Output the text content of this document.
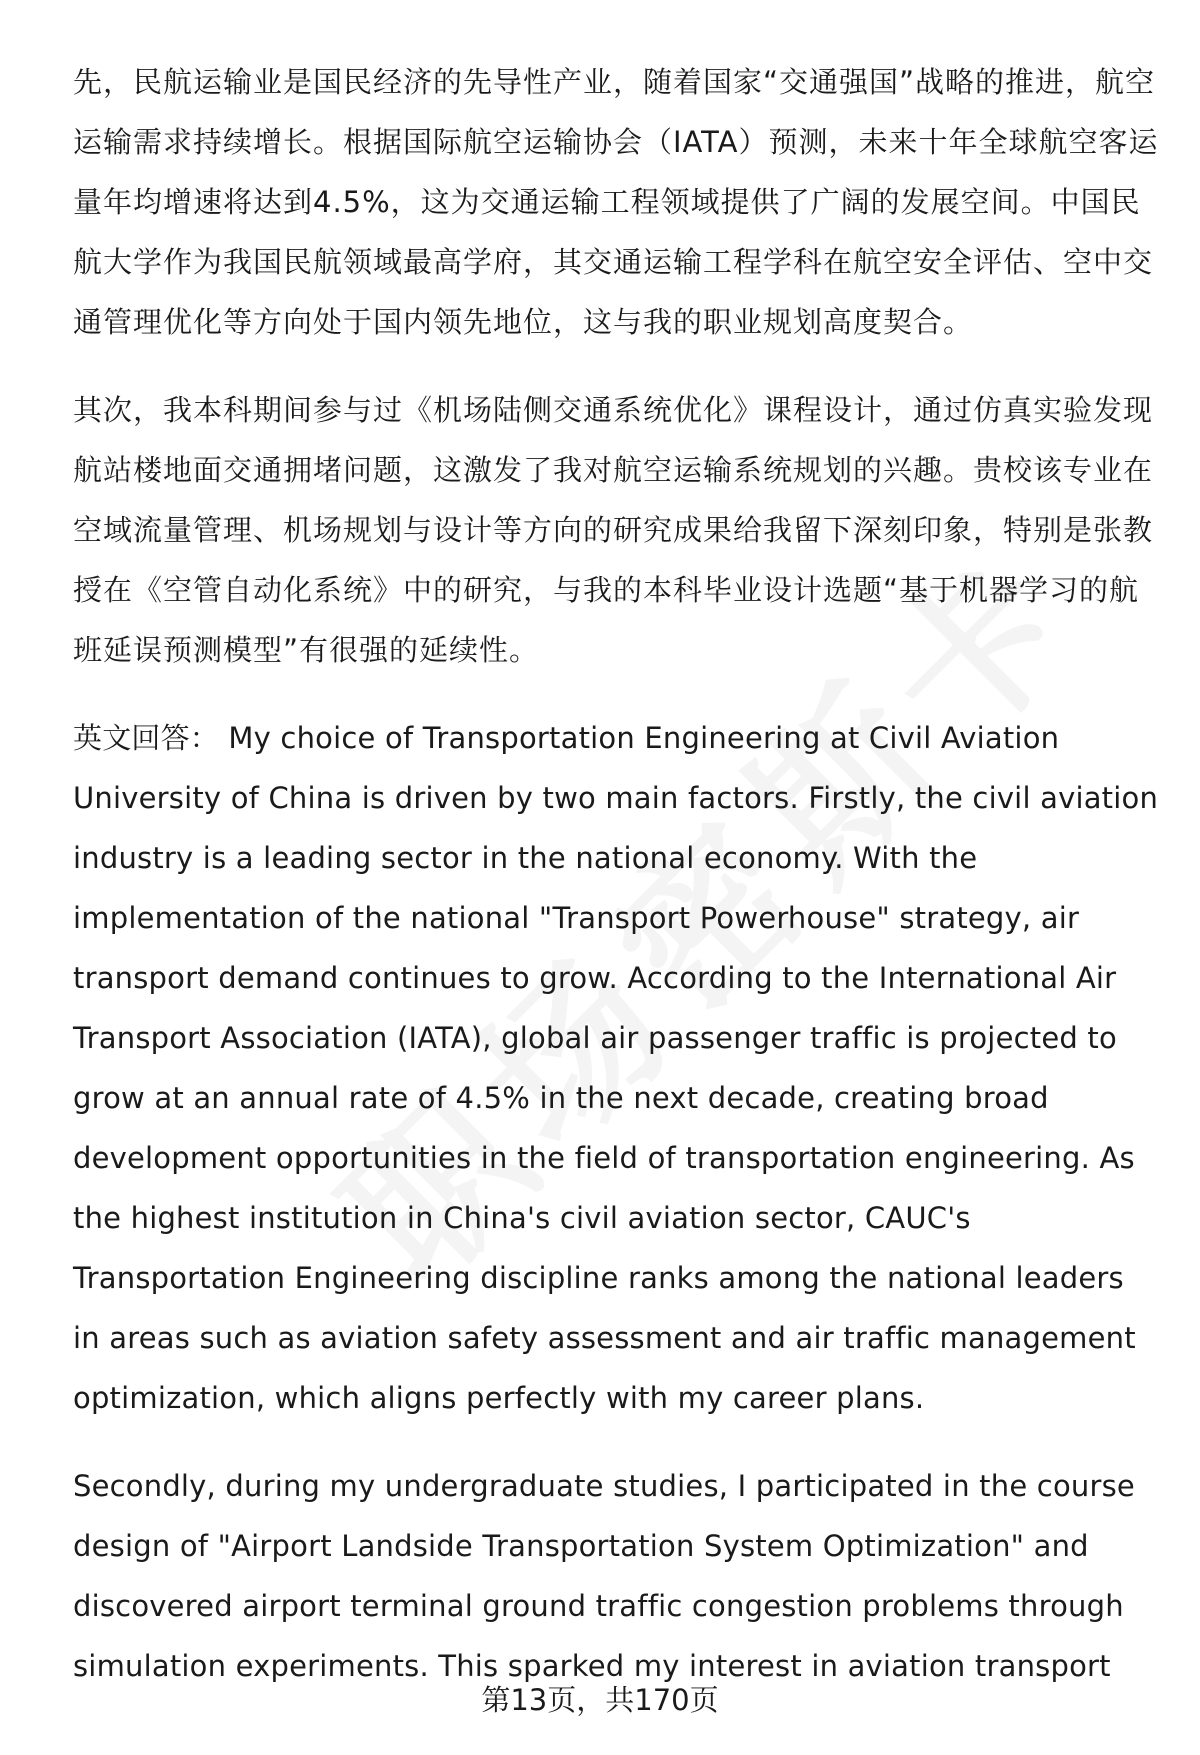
先，民航运输业是国民经济的先导性产业，随着国家“交通强国”战略的推进，航空运输需求持续增长。根据国际航空运输协会（IATA）预测，未来十年全球航空客运量年均增速将达到4.5%，这为交通运输工程领域提供了广阔的发展空间。中国民航大学作为我国民航领域最高学府，其交通运输工程学科在航空安全评估、空中交通管理优化等方向处于国内领先地位，这与我的职业规划高度契合。

其次，我本科期间参与过《机场陆侧交通系统优化》课程设计，通过仿真实验发现航站楼地面交通拥堵问题，这激发了我对航空运输系统规划的兴趣。贵校该专业在空域流量管理、机场规划与设计等方向的研究成果给我留下深刻印象，特别是张教授在《空管自动化系统》中的研究，与我的本科毕业设计选题“基于机器学习的航班延误预测模型”有很强的延续性。

英文回答： My choice of Transportation Engineering at Civil Aviation University of China is driven by two main factors. Firstly, the civil aviation industry is a leading sector in the national economy. With the implementation of the national "Transport Powerhouse" strategy, air transport demand continues to grow. According to the International Air Transport Association (IATA), global air passenger traffic is projected to grow at an annual rate of 4.5% in the next decade, creating broad development opportunities in the field of transportation engineering. As the highest institution in China's civil aviation sector, CAUC's Transportation Engineering discipline ranks among the national leaders in areas such as aviation safety assessment and air traffic management optimization, which aligns perfectly with my career plans.

Secondly, during my undergraduate studies, I participated in the course design of "Airport Landside Transportation System Optimization" and discovered airport terminal ground traffic congestion problems through simulation experiments. This sparked my interest in aviation transport

第13页，共170页
